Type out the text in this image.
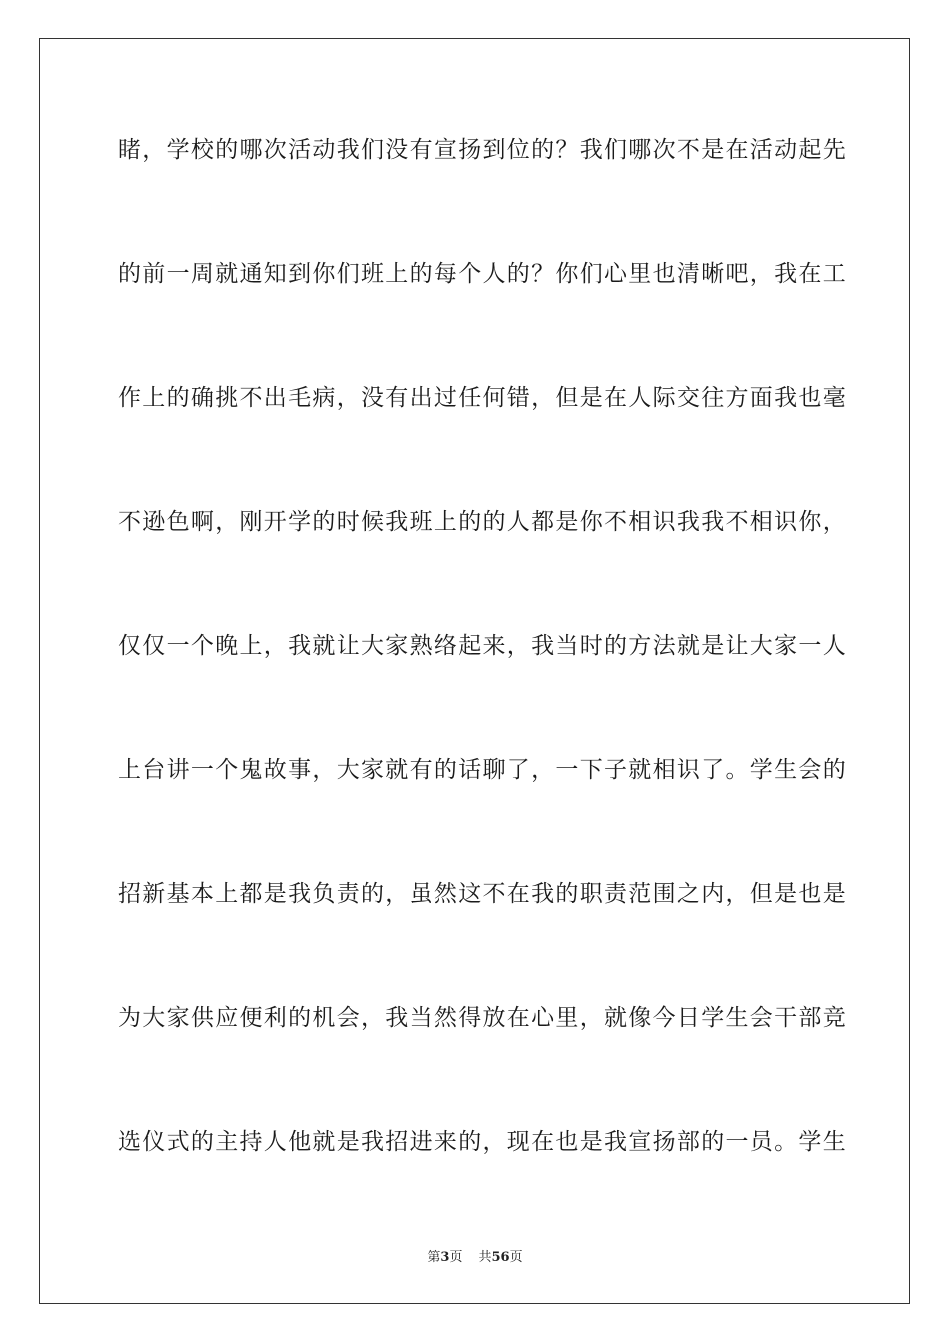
睹，学校的哪次活动我们没有宣扬到位的？我们哪次不是在活动起先
的前一周就通知到你们班上的每个人的？你们心里也清晰吧，我在工
作上的确挑不出毛病，没有出过任何错，但是在人际交往方面我也毫
不逊色啊，刚开学的时候我班上的的人都是你不相识我我不相识你，
仅仅一个晚上，我就让大家熟络起来，我当时的方法就是让大家一人
上台讲一个鬼故事，大家就有的话聊了，一下子就相识了。学生会的
招新基本上都是我负责的，虽然这不在我的职责范围之内，但是也是
为大家供应便利的机会，我当然得放在心里，就像今日学生会干部竞
选仪式的主持人他就是我招进来的，现在也是我宣扬部的一员。学生
第3页 共56页
